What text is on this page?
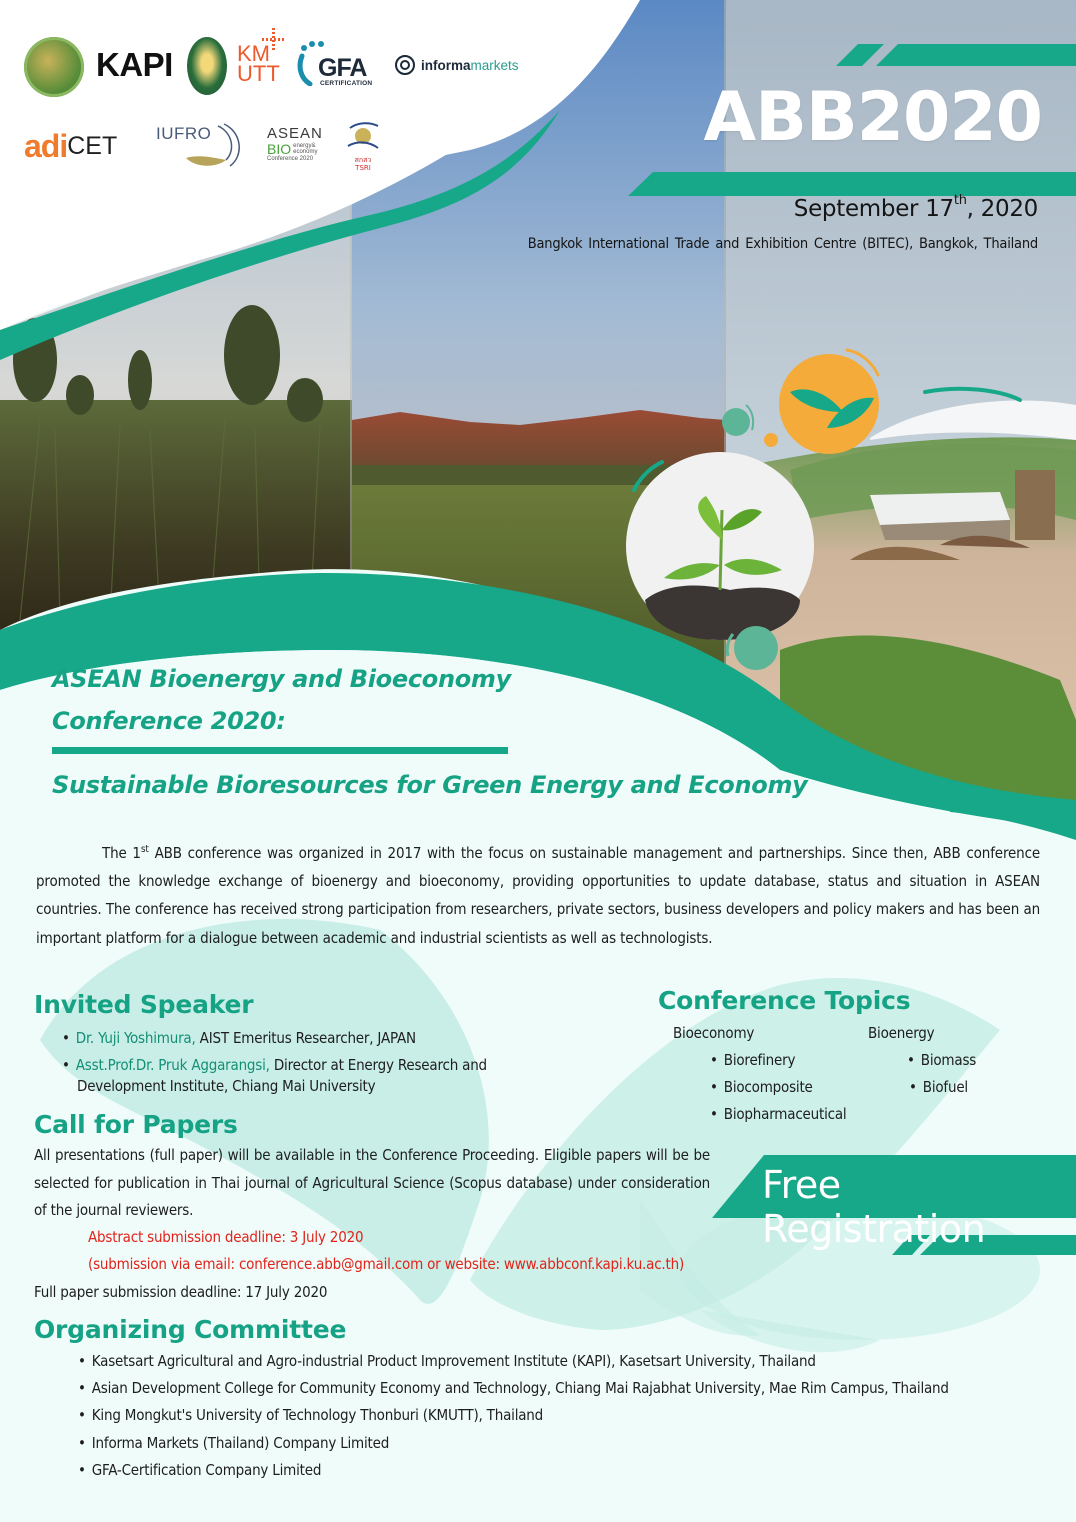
KAPI	KM
UTT GFA
CERTIFICATION
informa markets
adi CET IUFRO	ASEAN
BIO energy&
economy
Conference 2020	สกสว
TSRI
ABB2020
September 17th, 2020
Bangkok International Trade and Exhibition Centre (BITEC), Bangkok, Thailand
ASEAN Bioenergy and Bioeconomy
Conference 2020:
Sustainable Bioresources for Green Energy and Economy
The 1st ABB conference was organized in 2017 with the focus on sustainable management and partnerships. Since then, ABB conference promoted the knowledge exchange of bioenergy and bioeconomy, providing opportunities to update database, status and situation in ASEAN countries. The conference has received strong participation from researchers, private sectors, business developers and policy makers and has been an important platform for a dialogue between academic and industrial scientists as well as technologists.
Invited Speaker
• Dr. Yuji Yoshimura, AIST Emeritus Researcher, JAPAN
• Asst.Prof.Dr. Pruk Aggarangsi, Director at Energy Research and
Development Institute, Chiang Mai University
Conference Topics
Bioeconomy
• Biorefinery
• Biocomposite
• Biopharmaceutical
Bioenergy
• Biomass
• Biofuel
Call for Papers
All presentations (full paper) will be available in the Conference Proceeding. Eligible papers will be be selected for publication in Thai journal of Agricultural Science (Scopus database) under consideration of the journal reviewers.
Abstract submission deadline: 3 July 2020
(submission via email: conference.abb@gmail.com or website: www.abbconf.kapi.ku.ac.th)
Full paper submission deadline: 17 July 2020
Free Registration
Organizing Committee
• Kasetsart Agricultural and Agro-industrial Product Improvement Institute (KAPI), Kasetsart University, Thailand
• Asian Development College for Community Economy and Technology, Chiang Mai Rajabhat University, Mae Rim Campus, Thailand
• King Mongkut's University of Technology Thonburi (KMUTT), Thailand
• Informa Markets (Thailand) Company Limited
• GFA-Certification Company Limited
